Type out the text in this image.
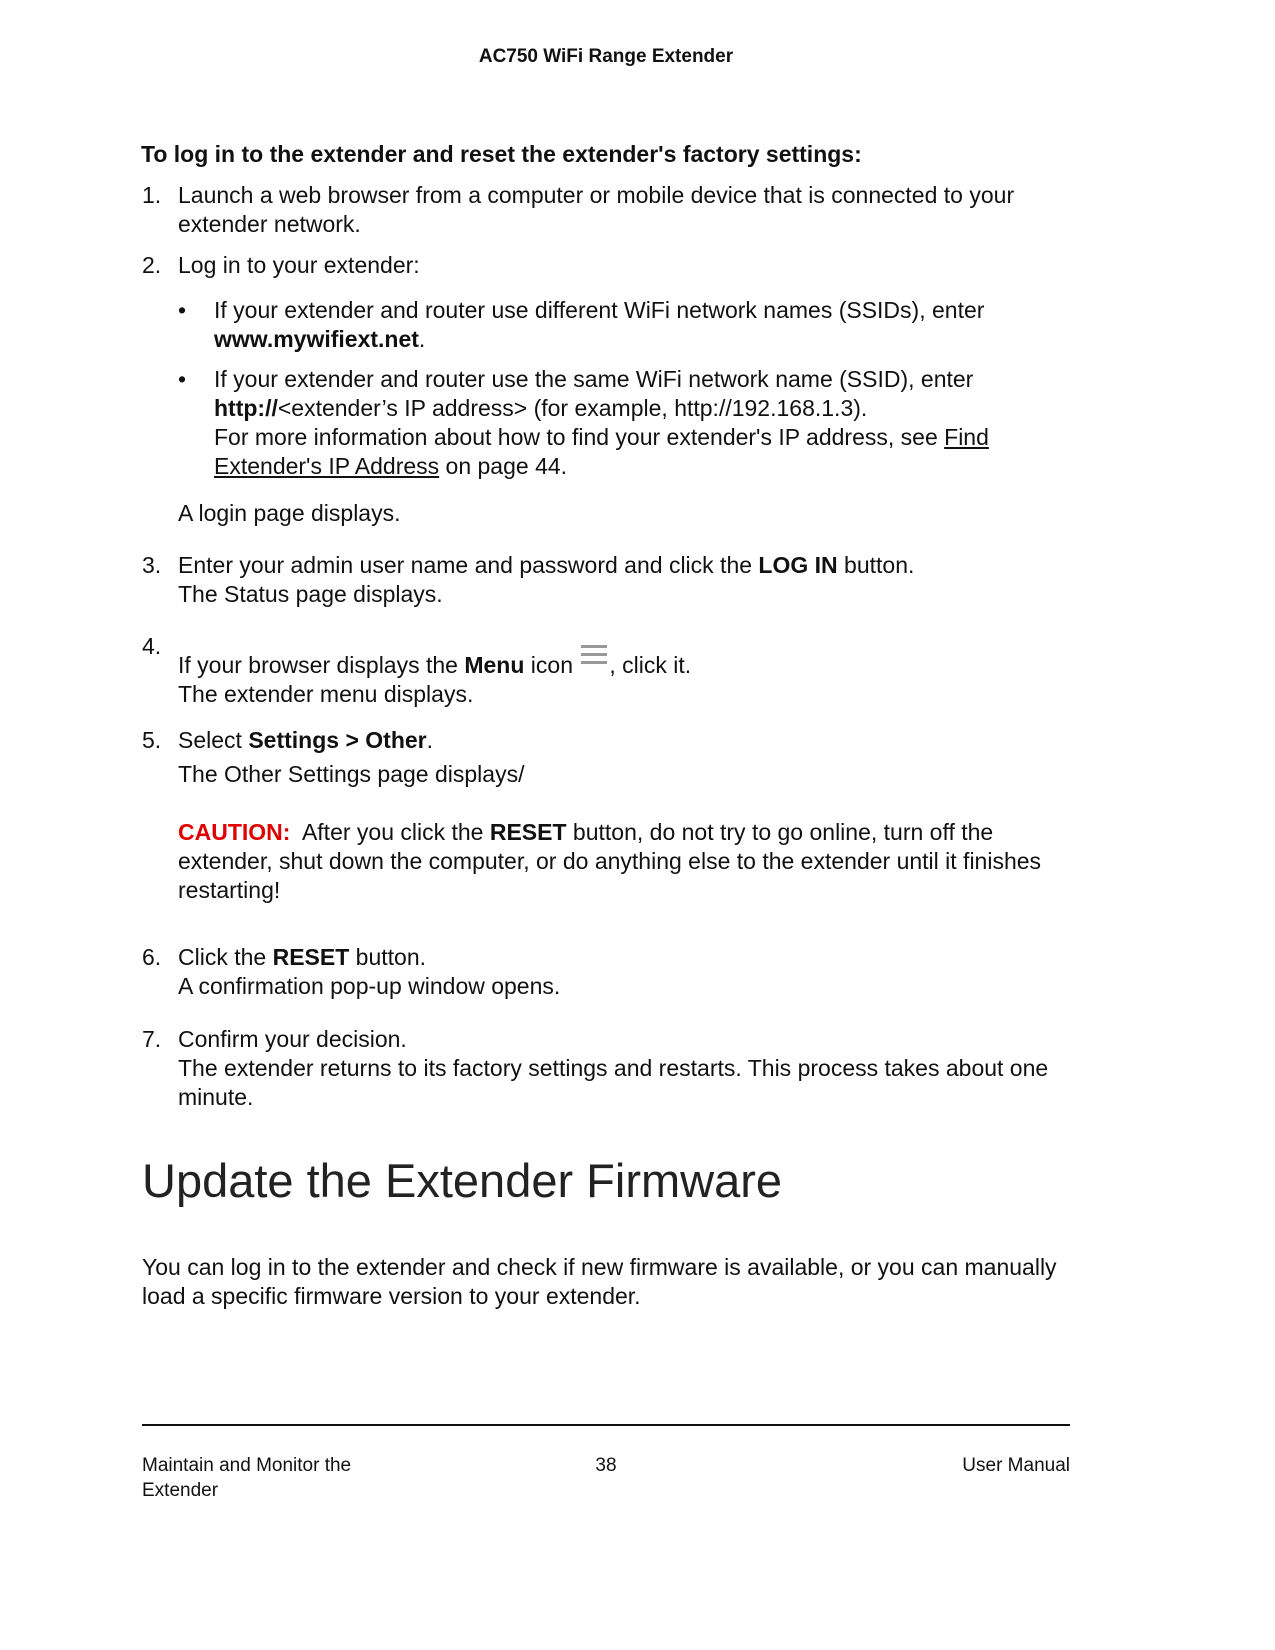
AC750 WiFi Range Extender
To log in to the extender and reset the extender's factory settings:
1. Launch a web browser from a computer or mobile device that is connected to your extender network.
2. Log in to your extender:
• If your extender and router use different WiFi network names (SSIDs), enter www.mywifiext.net.
• If your extender and router use the same WiFi network name (SSID), enter http://<extender’s IP address> (for example, http://192.168.1.3).
For more information about how to find your extender's IP address, see Find Extender's IP Address on page 44.
A login page displays.
3. Enter your admin user name and password and click the LOG IN button.
The Status page displays.
4.
If your browser displays the Menu icon
, click it.
The extender menu displays.
5. Select Settings > Other.
The Other Settings page displays/
CAUTION:  After you click the RESET button, do not try to go online, turn off the extender, shut down the computer, or do anything else to the extender until it finishes restarting!
6. Click the RESET button.
A confirmation pop-up window opens.
7. Confirm your decision.
The extender returns to its factory settings and restarts. This process takes about one minute.
Update the Extender Firmware
You can log in to the extender and check if new firmware is available, or you can manually load a specific firmware version to your extender.
Maintain and Monitor the Extender
38	User Manual
